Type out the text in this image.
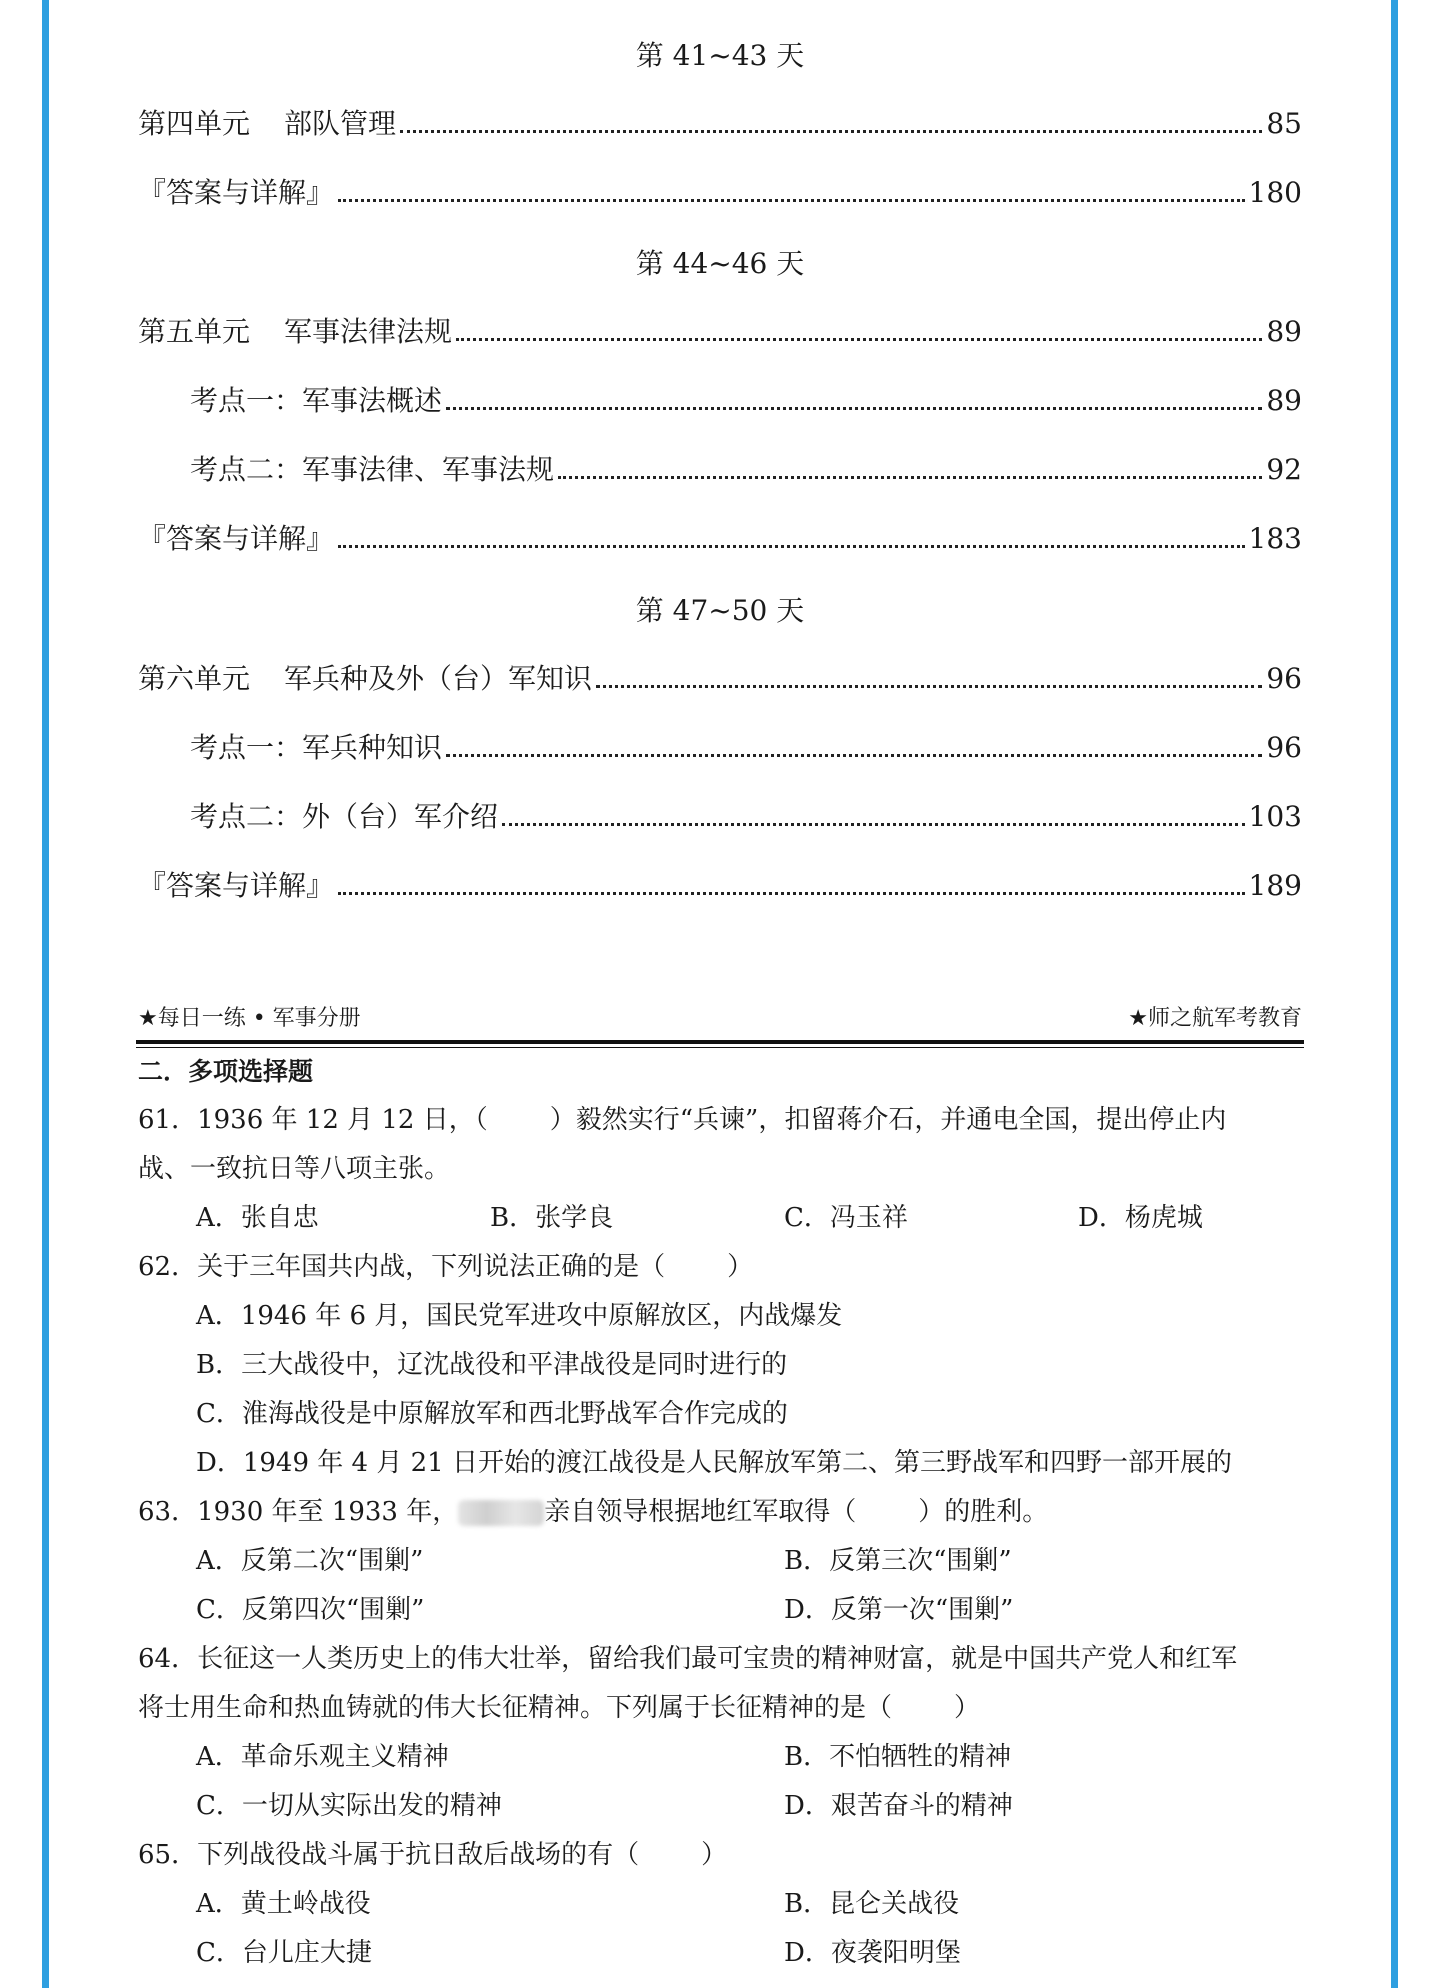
第 41~43 天
第四单元 部队管理	85
『答案与详解』	180
第 44~46 天
第五单元 军事法律法规	89
考点一：军事法概述	89
考点二：军事法律、军事法规	92
『答案与详解』	183
第 47~50 天
第六单元 军兵种及外（台）军知识	96
考点一：军兵种知识	96
考点二：外（台）军介绍	103
『答案与详解』	189
★每日一练 • 军事分册	★师之航军考教育
二．多项选择题
61．1936 年 12 月 12 日，（ ）毅然实行“兵谏”，扣留蒋介石，并通电全国，提出停止内
战、一致抗日等八项主张。
A．张自忠	B．张学良	C．冯玉祥	D．杨虎城
62．关于三年国共内战，下列说法正确的是（ ）
A．1946 年 6 月，国民党军进攻中原解放区，内战爆发
B．三大战役中，辽沈战役和平津战役是同时进行的
C．淮海战役是中原解放军和西北野战军合作完成的
D．1949 年 4 月 21 日开始的渡江战役是人民解放军第二、第三野战军和四野一部开展的
63．1930 年至 1933 年，	亲自领导根据地红军取得（ ）的胜利。
A．反第二次“围剿”	B．反第三次“围剿”
C．反第四次“围剿”	D．反第一次“围剿”
64．长征这一人类历史上的伟大壮举，留给我们最可宝贵的精神财富，就是中国共产党人和红军
将士用生命和热血铸就的伟大长征精神。下列属于长征精神的是（ ）
A．革命乐观主义精神	B．不怕牺牲的精神
C．一切从实际出发的精神	D．艰苦奋斗的精神
65．下列战役战斗属于抗日敌后战场的有（ ）
A．黄土岭战役	B．昆仑关战役
C．台儿庄大捷	D．夜袭阳明堡
